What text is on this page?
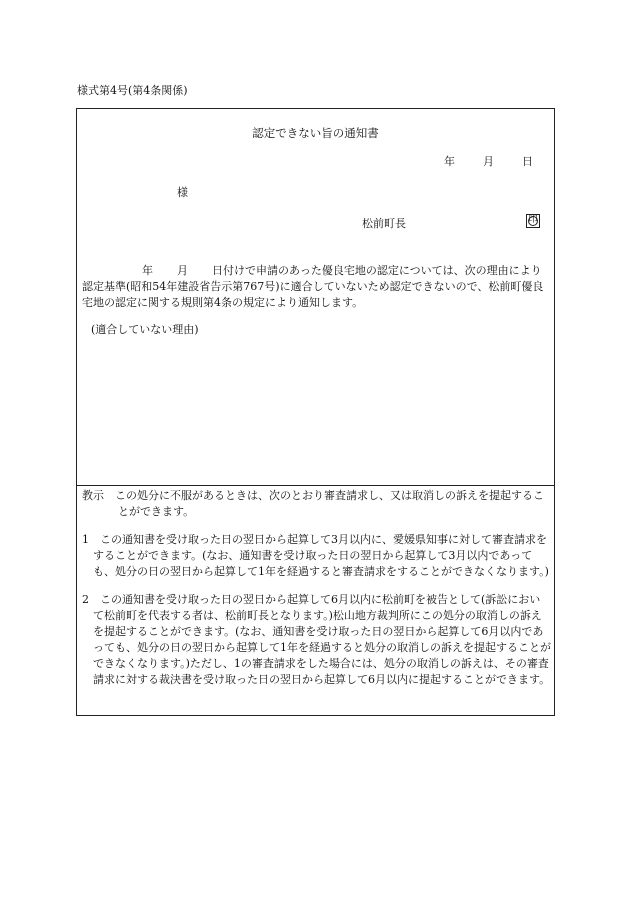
様式第4号(第4条関係)
認定できない旨の通知書
年	月	日
様
松前町長	印
年 月 日付けで申請のあった優良宅地の認定については、次の理由により認定基準(昭和54年建設省告示第767号)に適合していないため認定できないので、松前町優良宅地の認定に関する規則第4条の規定により通知します。
(適合していない理由)

教示　この処分に不服があるときは、次のとおり審査請求し、又は取消しの訴えを提起することができます。

1　この通知書を受け取った日の翌日から起算して3月以内に、愛媛県知事に対して審査請求をすることができます。(なお、通知書を受け取った日の翌日から起算して3月以内であっても、処分の日の翌日から起算して1年を経過すると審査請求をすることができなくなります。)

2　この通知書を受け取った日の翌日から起算して6月以内に松前町を被告として(訴訟において松前町を代表する者は、松前町長となります。)松山地方裁判所にこの処分の取消しの訴えを提起することができます。(なお、通知書を受け取った日の翌日から起算して6月以内であっても、処分の日の翌日から起算して1年を経過すると処分の取消しの訴えを提起することができなくなります。)ただし、1の審査請求をした場合には、処分の取消しの訴えは、その審査請求に対する裁決書を受け取った日の翌日から起算して6月以内に提起することができます。
